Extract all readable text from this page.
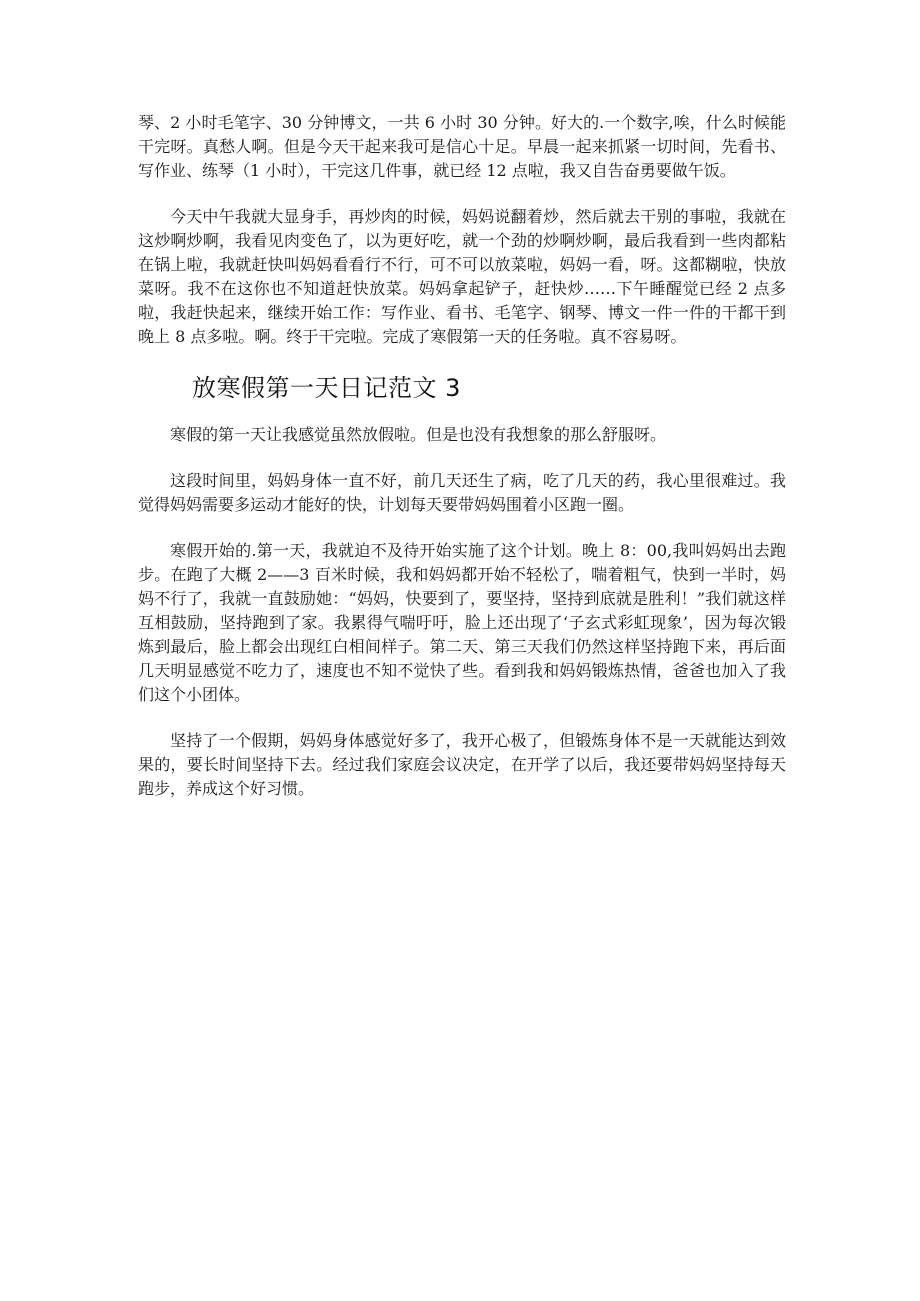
琴、2 小时毛笔字、30 分钟博文，一共 6 小时 30 分钟。好大的.一个数字,唉，什么时候能干完呀。真愁人啊。但是今天干起来我可是信心十足。早晨一起来抓紧一切时间，先看书、写作业、练琴（1 小时），干完这几件事，就已经 12 点啦，我又自告奋勇要做午饭。

今天中午我就大显身手，再炒肉的时候，妈妈说翻着炒，然后就去干别的事啦，我就在这炒啊炒啊，我看见肉变色了，以为更好吃，就一个劲的炒啊炒啊，最后我看到一些肉都粘在锅上啦，我就赶快叫妈妈看看行不行，可不可以放菜啦，妈妈一看，呀。这都糊啦，快放菜呀。我不在这你也不知道赶快放菜。妈妈拿起铲子，赶快炒……下午睡醒觉已经 2 点多啦，我赶快起来，继续开始工作：写作业、看书、毛笔字、钢琴、博文一件一件的干都干到晚上 8 点多啦。啊。终于干完啦。完成了寒假第一天的任务啦。真不容易呀。

放寒假第一天日记范文 3

寒假的第一天让我感觉虽然放假啦。但是也没有我想象的那么舒服呀。

这段时间里，妈妈身体一直不好，前几天还生了病，吃了几天的药，我心里很难过。我觉得妈妈需要多运动才能好的快，计划每天要带妈妈围着小区跑一圈。

寒假开始的.第一天，我就迫不及待开始实施了这个计划。晚上 8：00,我叫妈妈出去跑步。在跑了大概 2——3 百米时候，我和妈妈都开始不轻松了，喘着粗气，快到一半时，妈妈不行了，我就一直鼓励她：“妈妈，快要到了，要坚持，坚持到底就是胜利！”我们就这样互相鼓励，坚持跑到了家。我累得气喘吁吁，脸上还出现了‘子玄式彩虹现象’，因为每次锻炼到最后，脸上都会出现红白相间样子。第二天、第三天我们仍然这样坚持跑下来，再后面几天明显感觉不吃力了，速度也不知不觉快了些。看到我和妈妈锻炼热情，爸爸也加入了我们这个小团体。

坚持了一个假期，妈妈身体感觉好多了，我开心极了，但锻炼身体不是一天就能达到效果的，要长时间坚持下去。经过我们家庭会议决定，在开学了以后，我还要带妈妈坚持每天跑步，养成这个好习惯。
